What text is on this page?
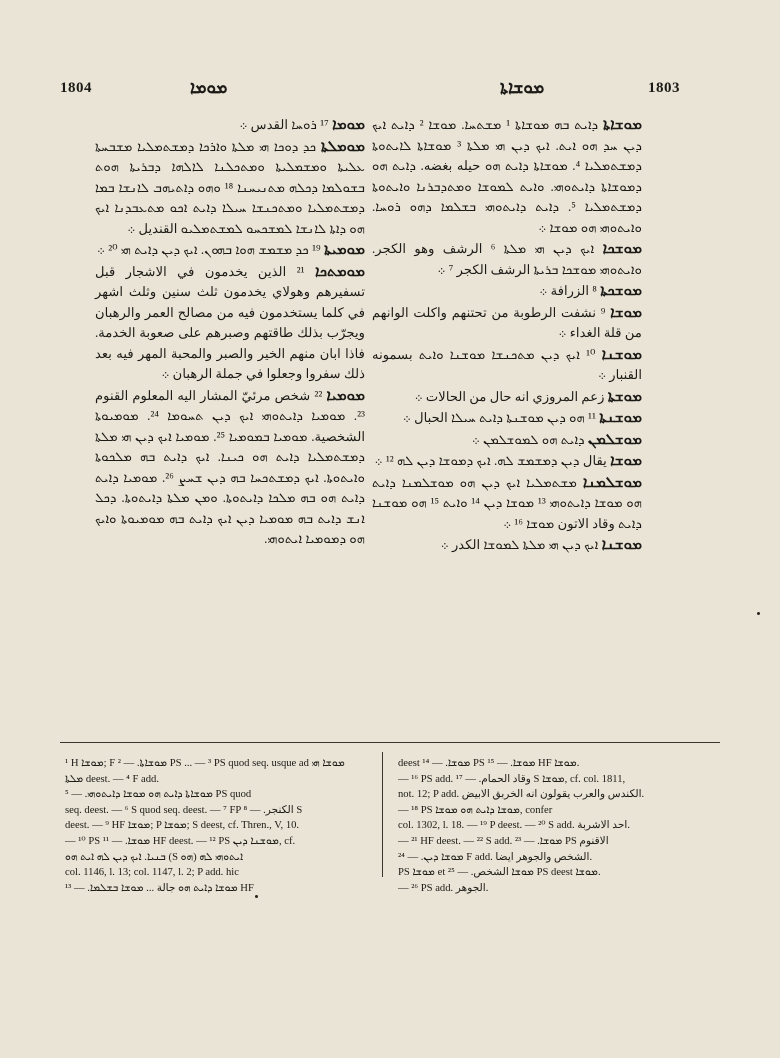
1804	ܡܘܡܐ	ܡܘܫܐܬܐ	1803

ܡܘܡܐ ¹⁷ ܪܘܚܐ القدس ܀

ܡܘܡܠܬܐ ܟܕ ܕܘܟܐ ܗܝ ܡܠܬܐ ܘܐܪܟܐ ܕܡܫܬܡܠܝܐ ܡܫܒܚܬܐ ܥܠܝܬܐ ܘܡܫܡܠܝܬܐ ܘܡܬܟܠܢܐ ܠܐܠܗܐ ܕܒܪܝܬܐ ܗܘܬ ܒܫܘܠܡܐ ܕܟܠܗ ܡܬܢܝܚܢܐ ¹⁸ ܘܗܘ ܕܐܬܝܗܒ ܠܐܢܫܐ ܒܡܐ ܕܡܫܬܡܠܝܐ ܘܡܬܟܢܫܐ ܚܝܠܐ ܕܐܝܬ ܐܟܘ ܡܬܥܒܕܢܐ ܐܝܟ ܗܘ ܕܐܬܐ ܠܐܢܫܐ ܠܡܫܟܚܘ ܠܡܫܬܡܠܝܘ القنديل ܀

ܡܘܡܝܬܐ ¹⁹ ܟܕ ܡܫܡܫ ܗܘܐ ܒܗܘܢ. ܐܝܟ ܕܝܢ ܕܐܝܬ ܗܝ ²⁰ ܀

ܡܘܡܬܟܐ ²¹ الذين يخدمون في الاشجار قبل تسفيرهم وهولاي يخدمون ثلث سنين وثلث اشهر في كلما يستخدمون فيه من مصالح العمر والرهبان ويجرّب بذلك طاقتهم وصبرهم على صعوبة الخدمة. فاذا ابان منهم الخير والصبر والمحبة المهر فيه بعد ذلك سفروا وجعلوا في جملة الرهبان ܀

ܡܘܡܝܐ ²² شخص مرئيّ المشار اليه المعلوم القنوم ²³. ܡܘܡܝܐ ܕܐܝܬܘܗܝ ܐܝܟ ܕܝܢ ܬܚܘܡܐ ²⁴. ܡܘܡܝܘܬܐ الشخصية. ܡܘܡܝܐ ܒܡܘܡܝܐ ²⁵. ܡܘܡܝܐ ܐܝܟ ܕܝܢ ܗܝ ܡܠܬܐ ܕܡܫܬܡܠܝܐ ܕܐܝܬ ܗܘ ܟܝܢܐ. ܐܝܟ ܕܐܝܬ ܒܗ ܡܠܟܘܬܐ ܘܐܝܬܘܬܐ. ܐܝܟ ܕܡܫܬܟܚܐ ܒܗ ܕܝܢ ܫܚܨ ²⁶. ܡܘܡܝܐ ܕܐܝܬ ܕܐܝܬ ܗܘ ܒܗ ܡܠܟܐ ܕܐܝܬܘܬܐ. ܘܡܢ ܡܠܬܐ ܕܐܝܬܘܬܐ. ܕܟܠ ܐܢܫ ܕܐܝܬ ܒܗ ܡܘܡܝܐ ܕܝܢ ܐܝܟ ܕܐܝܬ ܒܗ ܡܘܡܝܘܬܐ ܘܐܝܟ ܗܘ ܕܡܘܡܝܐ ܐܝܬܘܗܝ.

ܡܘܫܐܬܐ ܕܐܝܬ ܒܗ ܡܘܫܐܬܐ ¹ ܡܫܬܚܐ. ܡܘܫܐ ² ܕܐܝܬ ܐܝܟ ܕܝܢ ܚܕ ܗܘ ܐܝܬ. ܐܝܟ ܕܝܢ ܗܝ ܡܠܬܐ ³ ܡܘܫܐܬܐ ܠܐܝܬܘܬܐ ܕܡܫܬܡܠܝܐ ⁴. ܡܘܫܐܬܐ ܕܐܝܬ ܗܘ حيله بغضه. ܕܐܝܬ ܗܘ ܕܡܘܫܐܬܐ ܕܐܝܬܘܗܝ. ܘܐܝܬ ܠܡܘܫܐ ܘܡܬܕܒܪܢܐ ܘܐܝܬܘܬܐ ܕܡܫܬܡܠܝܐ ⁵. ܕܐܝܬ ܕܐܝܬܘܗܝ ܒܫܠܡܐ ܕܗܘ ܪܘܚܐ. ܘܐܝܬܘܗܝ ܗܘ ܡܘܫܐ ܀

ܡܘܫܟܐ ܐܝܟ ܕܝܢ ܗܝ ܡܠܬܐ ⁶ الرشف وهو الكجر. ܘܐܝܬܘܗܝ ܡܘܫܟܐ ܒܪܝܬܐ الرشف الكجر ⁷ ܀

ܡܘܫܟܬܐ ⁸ الزرافة ܀

ܡܘܫܐ ⁹ نشفت الرطوبة من تحتنهم واكلت الوانهم من قلة الغداء ܀

ܡܘܫܢܐ ¹⁰ ܐܝܟ ܕܝܢ ܡܬܟܢܫܐ ܡܘܫܢܐ ܘܐܝܬ بسمونه القنبار ܀

ܡܘܫܬܐ زعم المروزي انه حال من الحالات ܀

ܡܘܫܢܬܐ ¹¹ ܗܘ ܕܝܢ ܡܘܫܢܬܐ ܕܐܝܬ ܚܝܠܐ الحبال ܀

ܡܘܫܠܡܢ ܕܐܝܬ ܗܘ ܠܡܘܫܠܡܢ ܀

ܡܘܫܐ يقال ܕܝܢ ܕܡܫܡܫ ܠܗ. ܐܝܟ ܕܡܘܫܐ ܕܝܢ ܠܗ ¹² ܀

ܡܘܫܠܡܢܐ ܡܫܬܡܠܝܐ ܐܝܟ ܕܝܢ ܗܘ ܡܘܫܠܡܢܐ ܕܐܝܬ ܗܘ ܡܘܫܐ ܕܐܝܬܘܗܝ ¹³ ܡܘܫܐ ܕܝܢ ¹⁴ ܘܐܝܬ ¹⁵ ܗܘ ܡܘܫܢܐ ܕܐܝܬ وقاد الاتون ܡܘܫܐ ¹⁶ ܀

ܡܘܫܢܐ ܐܝܟ ܕܝܢ ܗܝ ܡܠܬܐ ܠܡܘܫܐ الكدر ܀

¹ H ܡܘܫܐ; F ܡܘܫܐܬܐ. — ² PS ... — ³ PS quod seq. usque ad ܡܘܫܐ ܗܝ ܡܠܬܐ deest. — ⁴ F add.

ܡܘܫܐܬܐ ܕܐܝܬ ܗܘ ܡܘܫܐ ܕܐܝܬܘܗܝ. — ⁵ PS quod

seq. deest. — ⁶ S quod seq. deest. — ⁷ FP الكنجر. — ⁸ S

deest. — ⁹ HF ܡܘܫܐ; P ܡܘܫܐ; S deest, cf. Thren., V, 10.

— ¹⁰ PS ܡܘܫܐ. — ¹¹ HF deest. — ¹² PS ܡܘܫܢܐ ܕܝܢ, cf.

ܒܢܝܐ. ܐܝܟ ܕܝܢ ܠܗ ܐܝܬ ܗܘ (S ܗܘ) ܐܝܬܘܗܝ ܠܗ

col. 1146, l. 13; col. 1147, l. 2; P add. hic

ܡܘܫܐ ܕܐܝܬ ܗܘ جالة ... ܡܘܫܐ ܒܫܠܡܐ. — ¹³ HF

deest ܡܘܫܐ. — ¹⁴ PS ܡܘܫܐ. — ¹⁵ HF ܡܘܫܐ.

— ¹⁶ PS add. وقاد الحمام. — ¹⁷ S ܡܘܫܐ, cf. col. 1811,

not. 12; P add. الكندس والعرب يقولون انه الخربق الابيض.

— ¹⁸ PS ܡܘܫܐ ܕܐܝܬ ܗܘ ܡܘܫܐ, confer

col. 1302, l. 18. — ¹⁹ P deest. — ²⁰ S add. احد الاشربة.

— ²¹ HF deest. — ²² S add. ܡܘܫܐ. — ²³ PS الاقنوم

ܡܘܫܐ ܕܝܢ. — ²⁴ F add. الشخص والجوهر ايضا.

PS ܡܘܫܐ et ܡܘܫܐ الشخص. — ²⁵ PS deest ܡܘܫܐ.

— ²⁶ PS add. الجوهر.
